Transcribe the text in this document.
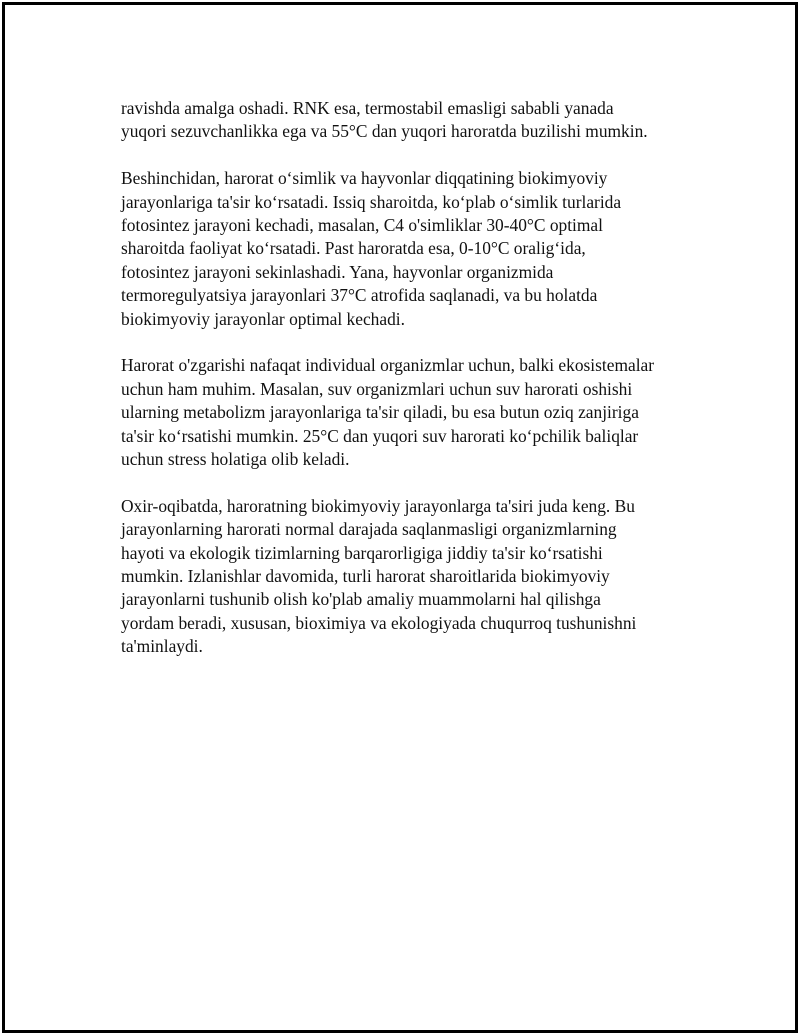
ravishda amalga oshadi. RNK esa, termostabil emasligi sababli yanada
yuqori sezuvchanlikka ega va 55°C dan yuqori haroratda buzilishi mumkin.

Beshinchidan, harorat o‘simlik va hayvonlar diqqatining biokimyoviy
jarayonlariga ta'sir ko‘rsatadi. Issiq sharoitda, ko‘plab o‘simlik turlarida
fotosintez jarayoni kechadi, masalan, C4 o'simliklar 30-40°C optimal
sharoitda faoliyat ko‘rsatadi. Past haroratda esa, 0-10°C oralig‘ida,
fotosintez jarayoni sekinlashadi. Yana, hayvonlar organizmida
termoregulyatsiya jarayonlari 37°C atrofida saqlanadi, va bu holatda
biokimyoviy jarayonlar optimal kechadi.

Harorat o'zgarishi nafaqat individual organizmlar uchun, balki ekosistemalar
uchun ham muhim. Masalan, suv organizmlari uchun suv harorati oshishi
ularning metabolizm jarayonlariga ta'sir qiladi, bu esa butun oziq zanjiriga
ta'sir ko‘rsatishi mumkin. 25°C dan yuqori suv harorati ko‘pchilik baliqlar
uchun stress holatiga olib keladi.

Oxir-oqibatda, haroratning biokimyoviy jarayonlarga ta'siri juda keng. Bu
jarayonlarning harorati normal darajada saqlanmasligi organizmlarning
hayoti va ekologik tizimlarning barqarorligiga jiddiy ta'sir ko‘rsatishi
mumkin. Izlanishlar davomida, turli harorat sharoitlarida biokimyoviy
jarayonlarni tushunib olish ko'plab amaliy muammolarni hal qilishga
yordam beradi, xususan, bioximiya va ekologiyada chuqurroq tushunishni
ta'minlaydi.
